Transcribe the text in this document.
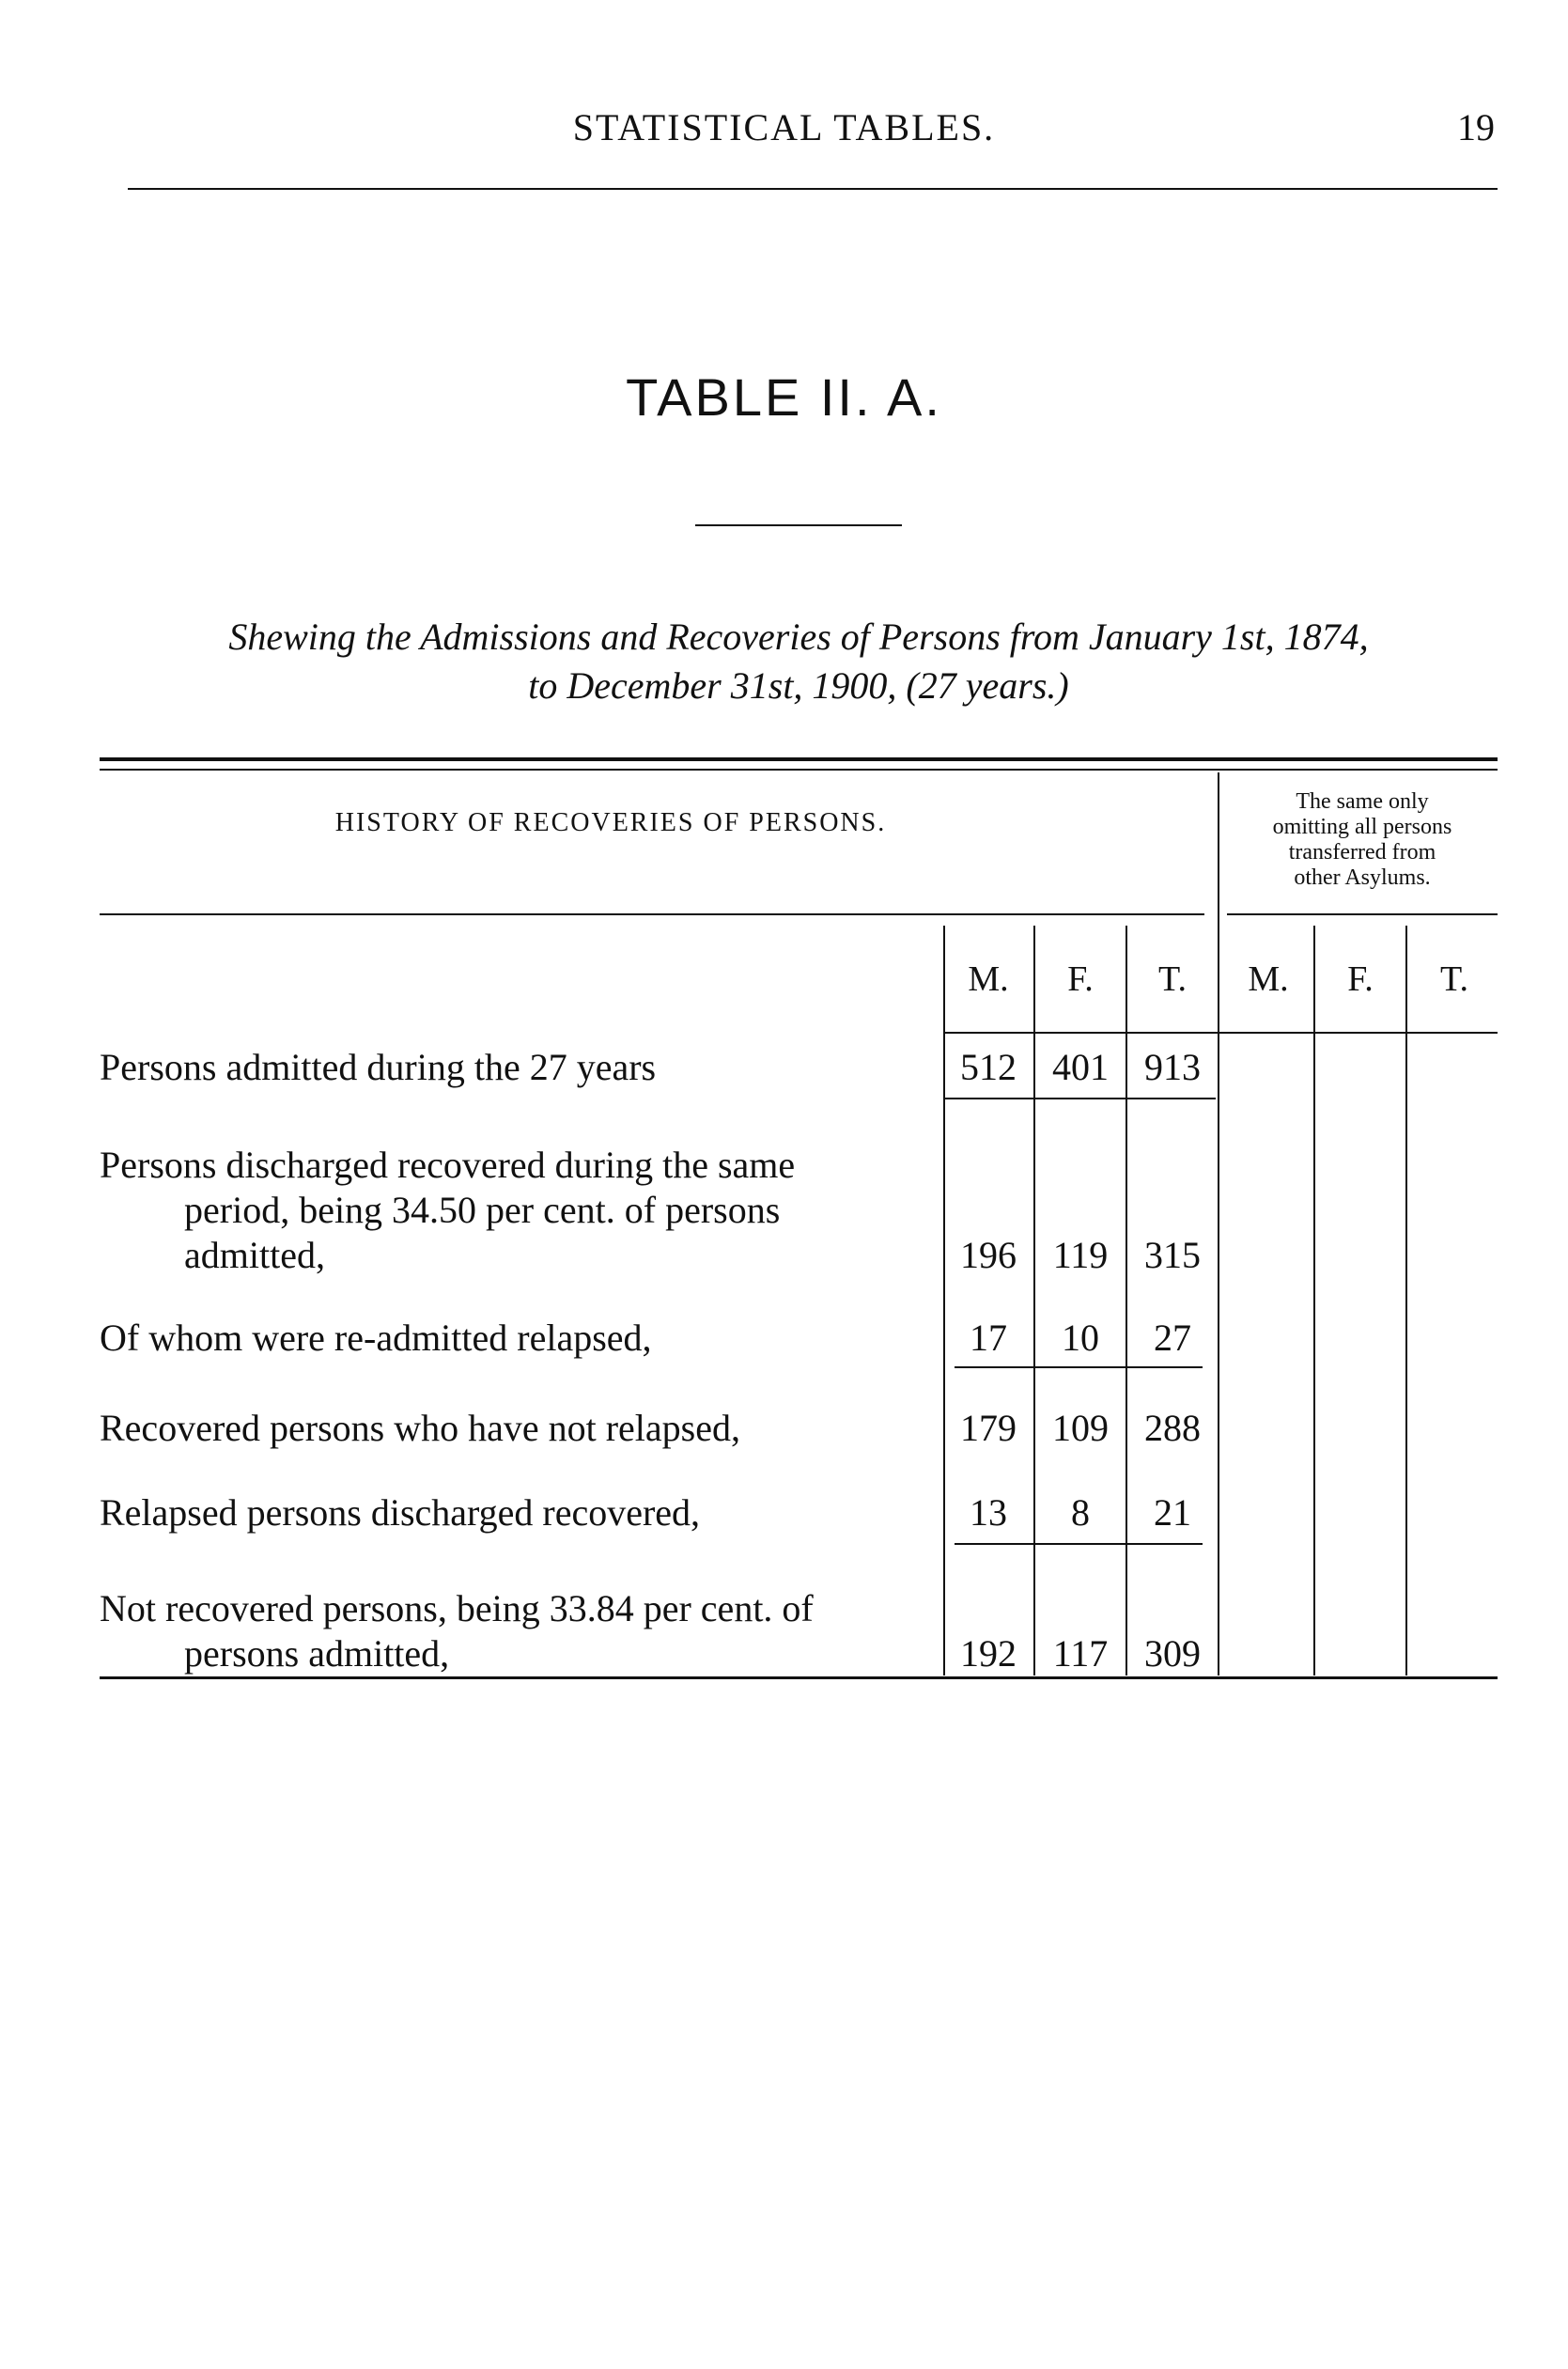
STATISTICAL TABLES.	19
TABLE II. A.
Shewing the Admissions and Recoveries of Persons from January 1st, 1874,
to December 31st, 1900, (27 years.)
HISTORY OF RECOVERIES OF PERSONS.
The same only
omitting all persons
transferred from
other Asylums.
M.	F.	T.	M.	F.	T.
Persons admitted during the 27 years	512 401 913
Persons discharged recovered during the same
period, being 34.50 per cent. of persons
admitted,	196 119 315
Of whom were re-admitted relapsed,	17	10	27
Recovered persons who have not relapsed,	179 109 288
Relapsed persons discharged recovered,	13	8	21
Not recovered persons, being 33.84 per cent. of
persons admitted,	192 117 309
